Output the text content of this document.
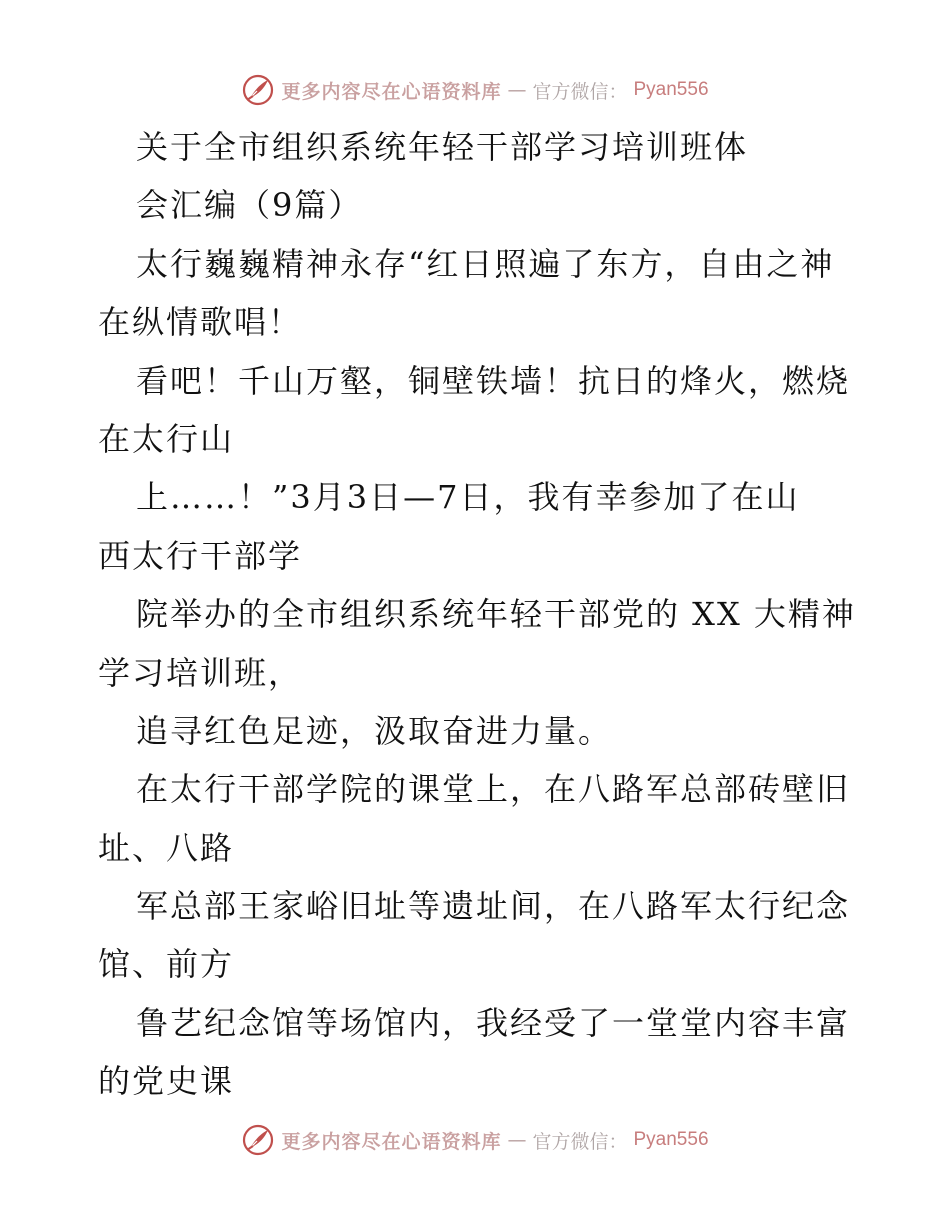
更多内容尽在心语资料库 — 官方微信： Pyan556
关于全市组织系统年轻干部学习培训班体
会汇编（9篇）
太行巍巍精神永存“红日照遍了东方，自由之神
在纵情歌唱！
看吧！千山万壑，铜壁铁墙！抗日的烽火，燃烧
在太行山
上……！”3月3日—7日，我有幸参加了在山
西太行干部学
院举办的全市组织系统年轻干部党的 XX 大精神
学习培训班，
追寻红色足迹，汲取奋进力量。
在太行干部学院的课堂上，在八路军总部砖壁旧
址、八路
军总部王家峪旧址等遗址间，在八路军太行纪念
馆、前方
鲁艺纪念馆等场馆内，我经受了一堂堂内容丰富
的党史课
更多内容尽在心语资料库 — 官方微信： Pyan556
